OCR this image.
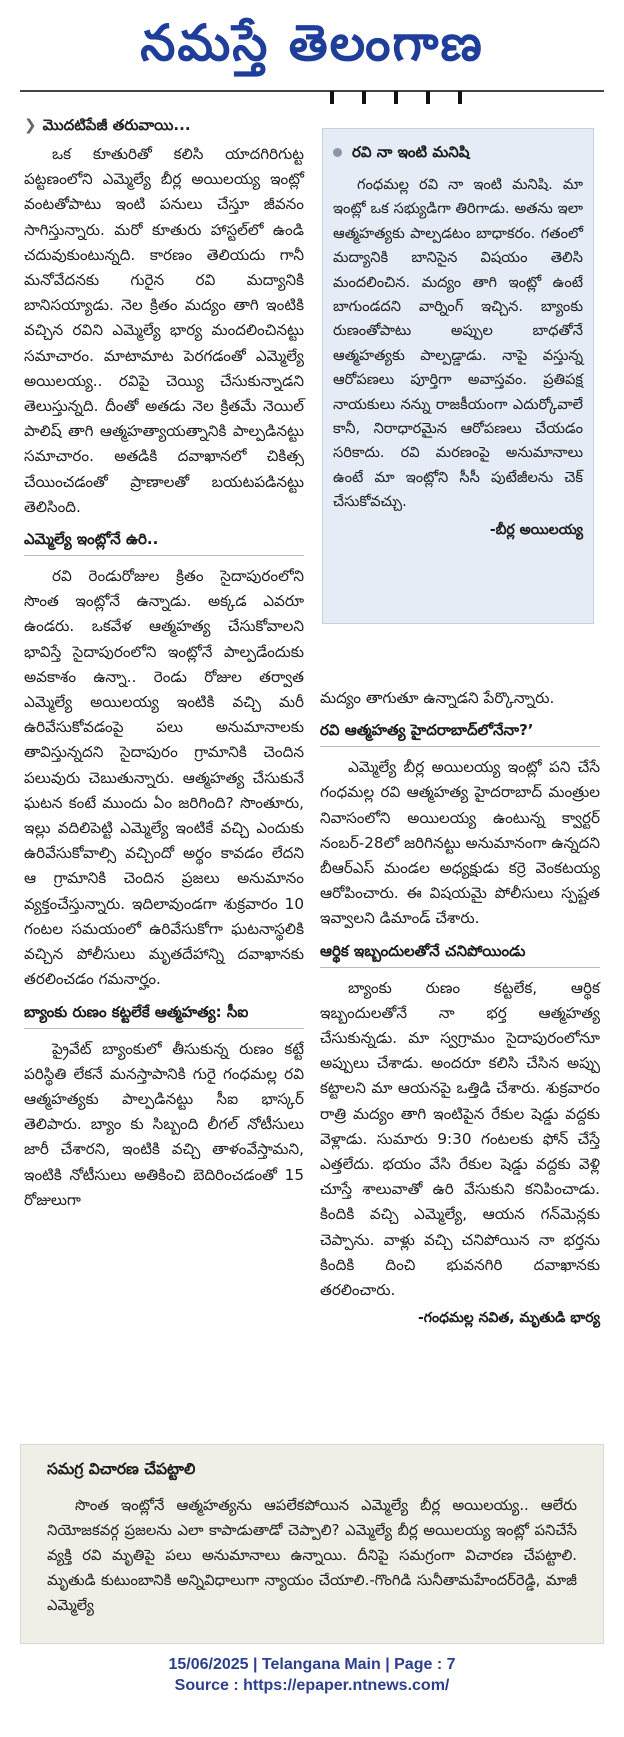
నమస్తే తెలంగాణ
❯ మొదటిపేజీ తరువాయి...

ఒక కూతురితో కలిసి యాదగిరిగుట్ట పట్టణంలోని ఎమ్మెల్యే బీర్ల అయిలయ్య ఇంట్లో వంటతోపాటు ఇంటి పనులు చేస్తూ జీవనం సాగిస్తున్నారు. మరో కూతురు హాస్టల్‌లో ఉండి చదువుకుంటున్నది. కారణం తెలియదు గానీ మనోవేదనకు గురైన రవి మద్యానికి బానిసయ్యాడు. నెల క్రితం మద్యం తాగి ఇంటికి వచ్చిన రవిని ఎమ్మెల్యే భార్య మందలించినట్టు సమాచారం. మాటామాట పెరగడంతో ఎమ్మెల్యే అయిలయ్య.. రవిపై చెయ్యి చేసుకున్నాడని తెలుస్తున్నది. దీంతో అతడు నెల క్రితమే నెయిల్ పాలిష్ తాగి ఆత్మహత్యాయత్నానికి పాల్పడినట్టు సమాచారం. అతడికి దవాఖానలో చికిత్స చేయించడంతో ప్రాణాలతో బయటపడినట్టు తెలిసింది.

ఎమ్మెల్యే ఇంట్లోనే ఉరి..

రవి రెండురోజుల క్రితం సైదాపురంలోని సొంత ఇంట్లోనే ఉన్నాడు. అక్కడ ఎవరూ ఉండరు. ఒకవేళ ఆత్మహత్య చేసుకోవాలని భావిస్తే సైదాపురంలోని ఇంట్లోనే పాల్పడేందుకు అవకాశం ఉన్నా.. రెండు రోజుల తర్వాత ఎమ్మెల్యే అయిలయ్య ఇంటికి వచ్చి మరీ ఉరివేసుకోవడంపై పలు అనుమానాలకు తావిస్తున్నదని సైదాపురం గ్రామానికి చెందిన పలువురు చెబుతున్నారు. ఆత్మహత్య చేసుకునే ఘటన కంటే ముందు ఏం జరిగింది? సొంతూరు, ఇల్లు వదిలిపెట్టి ఎమ్మెల్యే ఇంటికే వచ్చి ఎందుకు ఉరివేసుకోవాల్సి వచ్చిందో అర్థం కావడం లేదని ఆ గ్రామానికి చెందిన ప్రజలు అనుమానం వ్యక్తంచేస్తున్నారు. ఇదిలావుండగా శుక్రవారం 10 గంటల సమయంలో ఉరివేసుకోగా ఘటనాస్థలికి వచ్చిన పోలీసులు మృతదేహాన్ని దవాఖానకు తరలించడం గమనార్హం.

బ్యాంకు రుణం కట్టలేకే ఆత్మహత్య: సీఐ

ప్రైవేట్ బ్యాంకులో తీసుకున్న రుణం కట్టే పరిస్థితి లేకనే మనస్తాపానికి గురై గంధమల్ల రవి ఆత్మహత్యకు పాల్పడినట్టు సీఐ భాస్కర్ తెలిపారు. బ్యాం కు సిబ్బంది లీగల్ నోటీసులు జారీ చేశారని, ఇంటికి వచ్చి తాళంవేస్తామని, ఇంటికి నోటీసులు అతికించి బెదిరించడంతో 15 రోజులుగా

రవి నా ఇంటి మనిషి

గంధమల్ల రవి నా ఇంటి మనిషి. మా ఇంట్లో ఒక సభ్యుడిగా తిరిగాడు. అతను ఇలా ఆత్మహత్యకు పాల్పడటం బాధాకరం. గతంలో మద్యానికి బానిసైన విషయం తెలిసి మందలించిన. మద్యం తాగి ఇంట్లో ఉంటే బాగుండదని వార్నింగ్ ఇచ్చిన. బ్యాంకు రుణంతోపాటు అప్పుల బాధతోనే ఆత్మహత్యకు పాల్పడ్డాడు. నాపై వస్తున్న ఆరోపణలు పూర్తిగా అవాస్తవం. ప్రతిపక్ష నాయకులు నన్ను రాజకీయంగా ఎదుర్కోవాలే కానీ, నిరాధారమైన ఆరోపణలు చేయడం సరికాదు. రవి మరణంపై అనుమానాలు ఉంటే మా ఇంట్లోని సీసీ పుటేజీలను చెక్ చేసుకోవచ్చు.

-బీర్ల అయిలయ్య

మద్యం తాగుతూ ఉన్నాడని పేర్కొన్నారు.

రవి ఆత్మహత్య హైదరాబాద్‌లోనేనా?’

ఎమ్మెల్యే బీర్ల అయిలయ్య ఇంట్లో పని చేసే గంధమల్ల రవి ఆత్మహత్య హైదరాబాద్ మంత్రుల నివాసంలోని అయిలయ్య ఉంటున్న క్వార్టర్ నంబర్-28లో జరిగినట్టు అనుమానంగా ఉన్నదని బీఆర్‌ఎస్ మండల అధ్యక్షుడు కర్రె వెంకటయ్య ఆరోపించారు. ఈ విషయమై పోలీసులు స్పష్టత ఇవ్వాలని డిమాండ్ చేశారు.

ఆర్థిక ఇబ్బందులతోనే చనిపోయిండు

బ్యాంకు రుణం కట్టలేక, ఆర్థిక ఇబ్బందులతోనే నా భర్త ఆత్మహత్య చేసుకున్నడు. మా స్వగ్రామం సైదాపురంలోనూ అప్పులు చేశాడు. అందరూ కలిసి చేసిన అప్పు కట్టాలని మా ఆయనపై ఒత్తిడి చేశారు. శుక్రవారం రాత్రి మద్యం తాగి ఇంటిపైన రేకుల షెడ్డు వద్దకు వెళ్లాడు. సుమారు 9:30 గంటలకు ఫోన్ చేస్తే ఎత్తలేదు. భయం వేసి రేకుల షెడ్డు వద్దకు వెళ్లి చూస్తే శాలువాతో ఉరి వేసుకుని కనిపించాడు. కిందికి వచ్చి ఎమ్మెల్యే, ఆయన గన్‌మెన్లకు చెప్పాను. వాళ్లు వచ్చి చనిపోయిన నా భర్తను కిందికి దించి భువనగిరి దవాఖానకు తరలించారు.

-గంధమల్ల నవిత, మృతుడి భార్య
సమగ్ర విచారణ చేపట్టాలి

సొంత ఇంట్లోనే ఆత్మహత్యను ఆపలేకపోయిన ఎమ్మెల్యే బీర్ల అయిలయ్య.. ఆలేరు నియోజకవర్గ ప్రజలను ఎలా కాపాడుతాడో చెప్పాలి? ఎమ్మెల్యే బీర్ల అయిలయ్య ఇంట్లో పనిచేసే వ్యక్తి రవి మృతిపై పలు అనుమానాలు ఉన్నాయి. దీనిపై సమగ్రంగా విచారణ చేపట్టాలి. మృతుడి కుటుంబానికి అన్నివిధాలుగా న్యాయం చేయాలి.-గొంగిడి సునీతామహేందర్‌రెడ్డి, మాజీ ఎమ్మెల్యే

15/06/2025 | Telangana Main | Page : 7
Source : https://epaper.ntnews.com/
